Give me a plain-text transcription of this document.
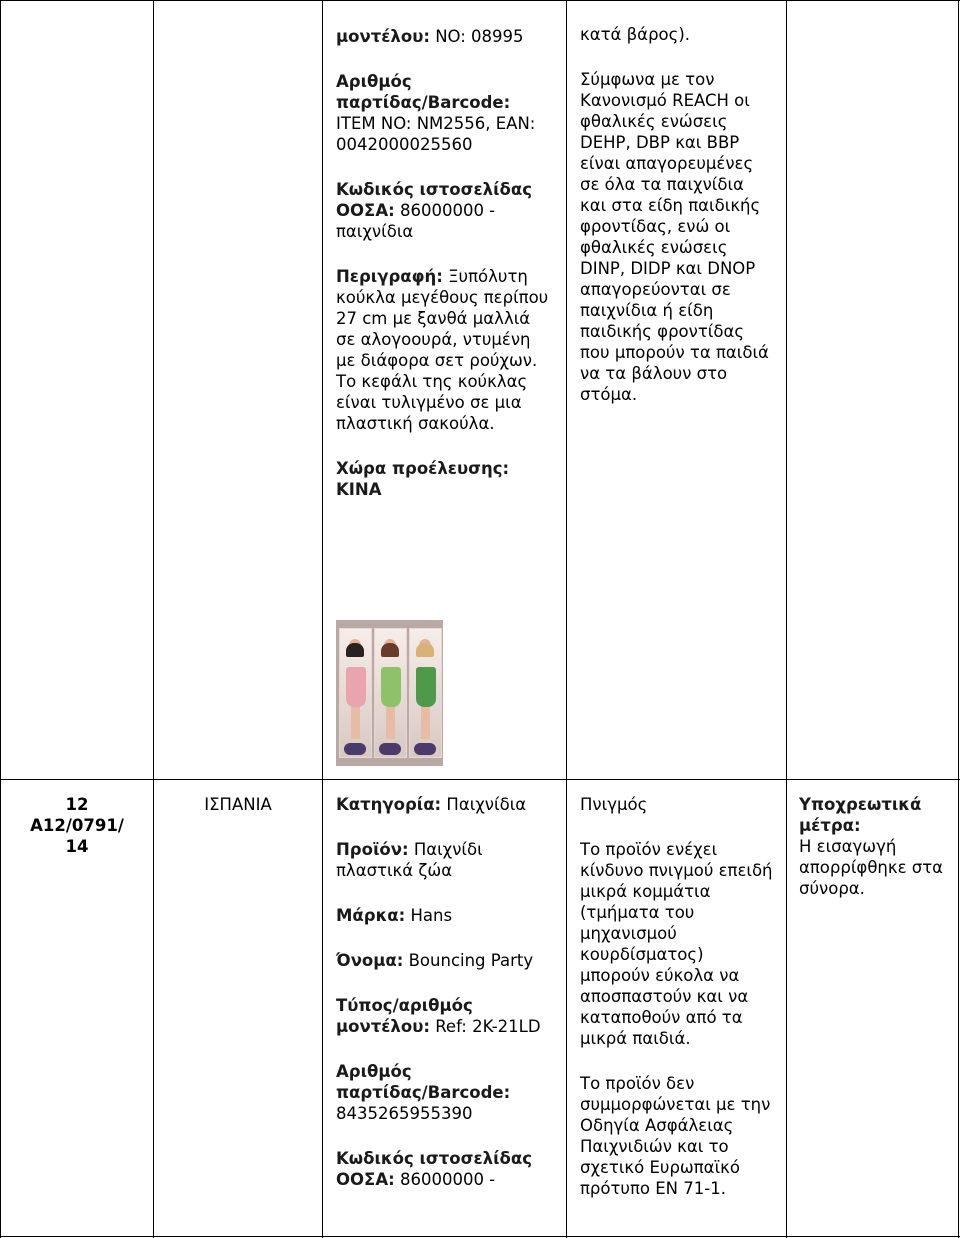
μοντέλου: NO: 08995

Αριθμός παρτίδας/Barcode: ITEM NO: NM2556, EAN: 0042000025560

Κωδικός ιστοσελίδας ΟΟΣΑ: 86000000 - παιχνίδια

Περιγραφή: Ξυπόλυτη κούκλα μεγέθους περίπου 27 cm με ξανθά μαλλιά σε αλογοουρά, ντυμένη με διάφορα σετ ρούχων. Το κεφάλι της κούκλας είναι τυλιγμένο σε μια πλαστική σακούλα.

Χώρα προέλευσης:
ΚΙΝΑ

κατά βάρος).

Σύμφωνα με τον Κανονισμό REACH οι φθαλικές ενώσεις DEHP, DBP και BBP είναι απαγορευμένες σε όλα τα παιχνίδια και στα είδη παιδικής φροντίδας, ενώ οι φθαλικές ενώσεις DINP, DIDP και DNOP απαγορεύονται σε παιχνίδια ή είδη παιδικής φροντίδας που μπορούν τα παιδιά να τα βάλουν στο στόμα.

12
A12/0791/
14
ΙΣΠΑΝΙΑ	Κατηγορία: Παιχνίδια

Προϊόν: Παιχνίδι πλαστικά ζώα

Μάρκα: Hans

Όνομα: Bouncing Party

Τύπος/αριθμός μοντέλου: Ref: 2K-21LD

Αριθμός παρτίδας/Barcode: 8435265955390

Κωδικός ιστοσελίδας ΟΟΣΑ: 86000000 -

Πνιγμός

Το προϊόν ενέχει κίνδυνο πνιγμού επειδή μικρά κομμάτια (τμήματα του μηχανισμού κουρδίσματος) μπορούν εύκολα να αποσπαστούν και να καταποθούν από τα μικρά παιδιά.

Το προϊόν δεν συμμορφώνεται με την Οδηγία Ασφάλειας Παιχνιδιών και το σχετικό Ευρωπαϊκό πρότυπο EN 71-1.

Υποχρεωτικά μέτρα:
Η εισαγωγή απορρίφθηκε στα σύνορα.
